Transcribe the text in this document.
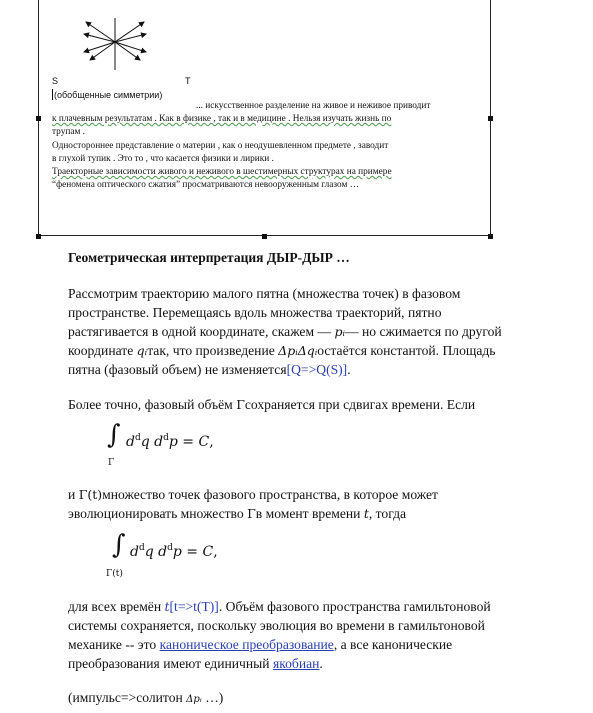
S	T
(обобщенные симметрии)
... искусственное разделение на живое и неживое приводит
к плачевным результатам . Как в физике , так и в медицине . Нельзя изучать жизнь по
трупам .
Одностороннее представление о материи , как о неодушевленном предмете , заводит
в глухой тупик . Это то , что касается физики и лирики .
Траекторные зависимости живого и неживого в шестимерных структурах на примере
“феномена оптического сжатия” просматриваются невооруженным глазом …
Геометрическая интерпретация ДЫР-ДЫР …
Рассмотрим траекторию малого пятна (множества точек) в фазовом
пространстве. Перемещаясь вдоль множества траекторий, пятно
растягивается в одной координате, скажем — pᵢ— но сжимается по другой
координате qᵢтак, что произведение ΔpᵢΔqᵢостаётся константой. Площадь
пятна (фазовый объем) не изменяется[Q=>Q(S)].
Более точно, фазовый объём Γсохраняется при сдвигах времени. Если
∫
Γ
$d^dq$ $d^dp = C$,
и Γ(t)множество точек фазового пространства, в которое может
эволюционировать множество Γв момент времени t, тогда
∫
Γ(t)
$d^dq$ $d^dp = C$,
для всех времён t[t=>t(T)]. Объём фазового пространства гамильтоновой
системы сохраняется, поскольку эволюция во времени в гамильтоновой
механике -- это каноническое преобразование, а все канонические
преобразования имеют единичный якобиан.
(импульс=>солитон Δpᵢ …)
